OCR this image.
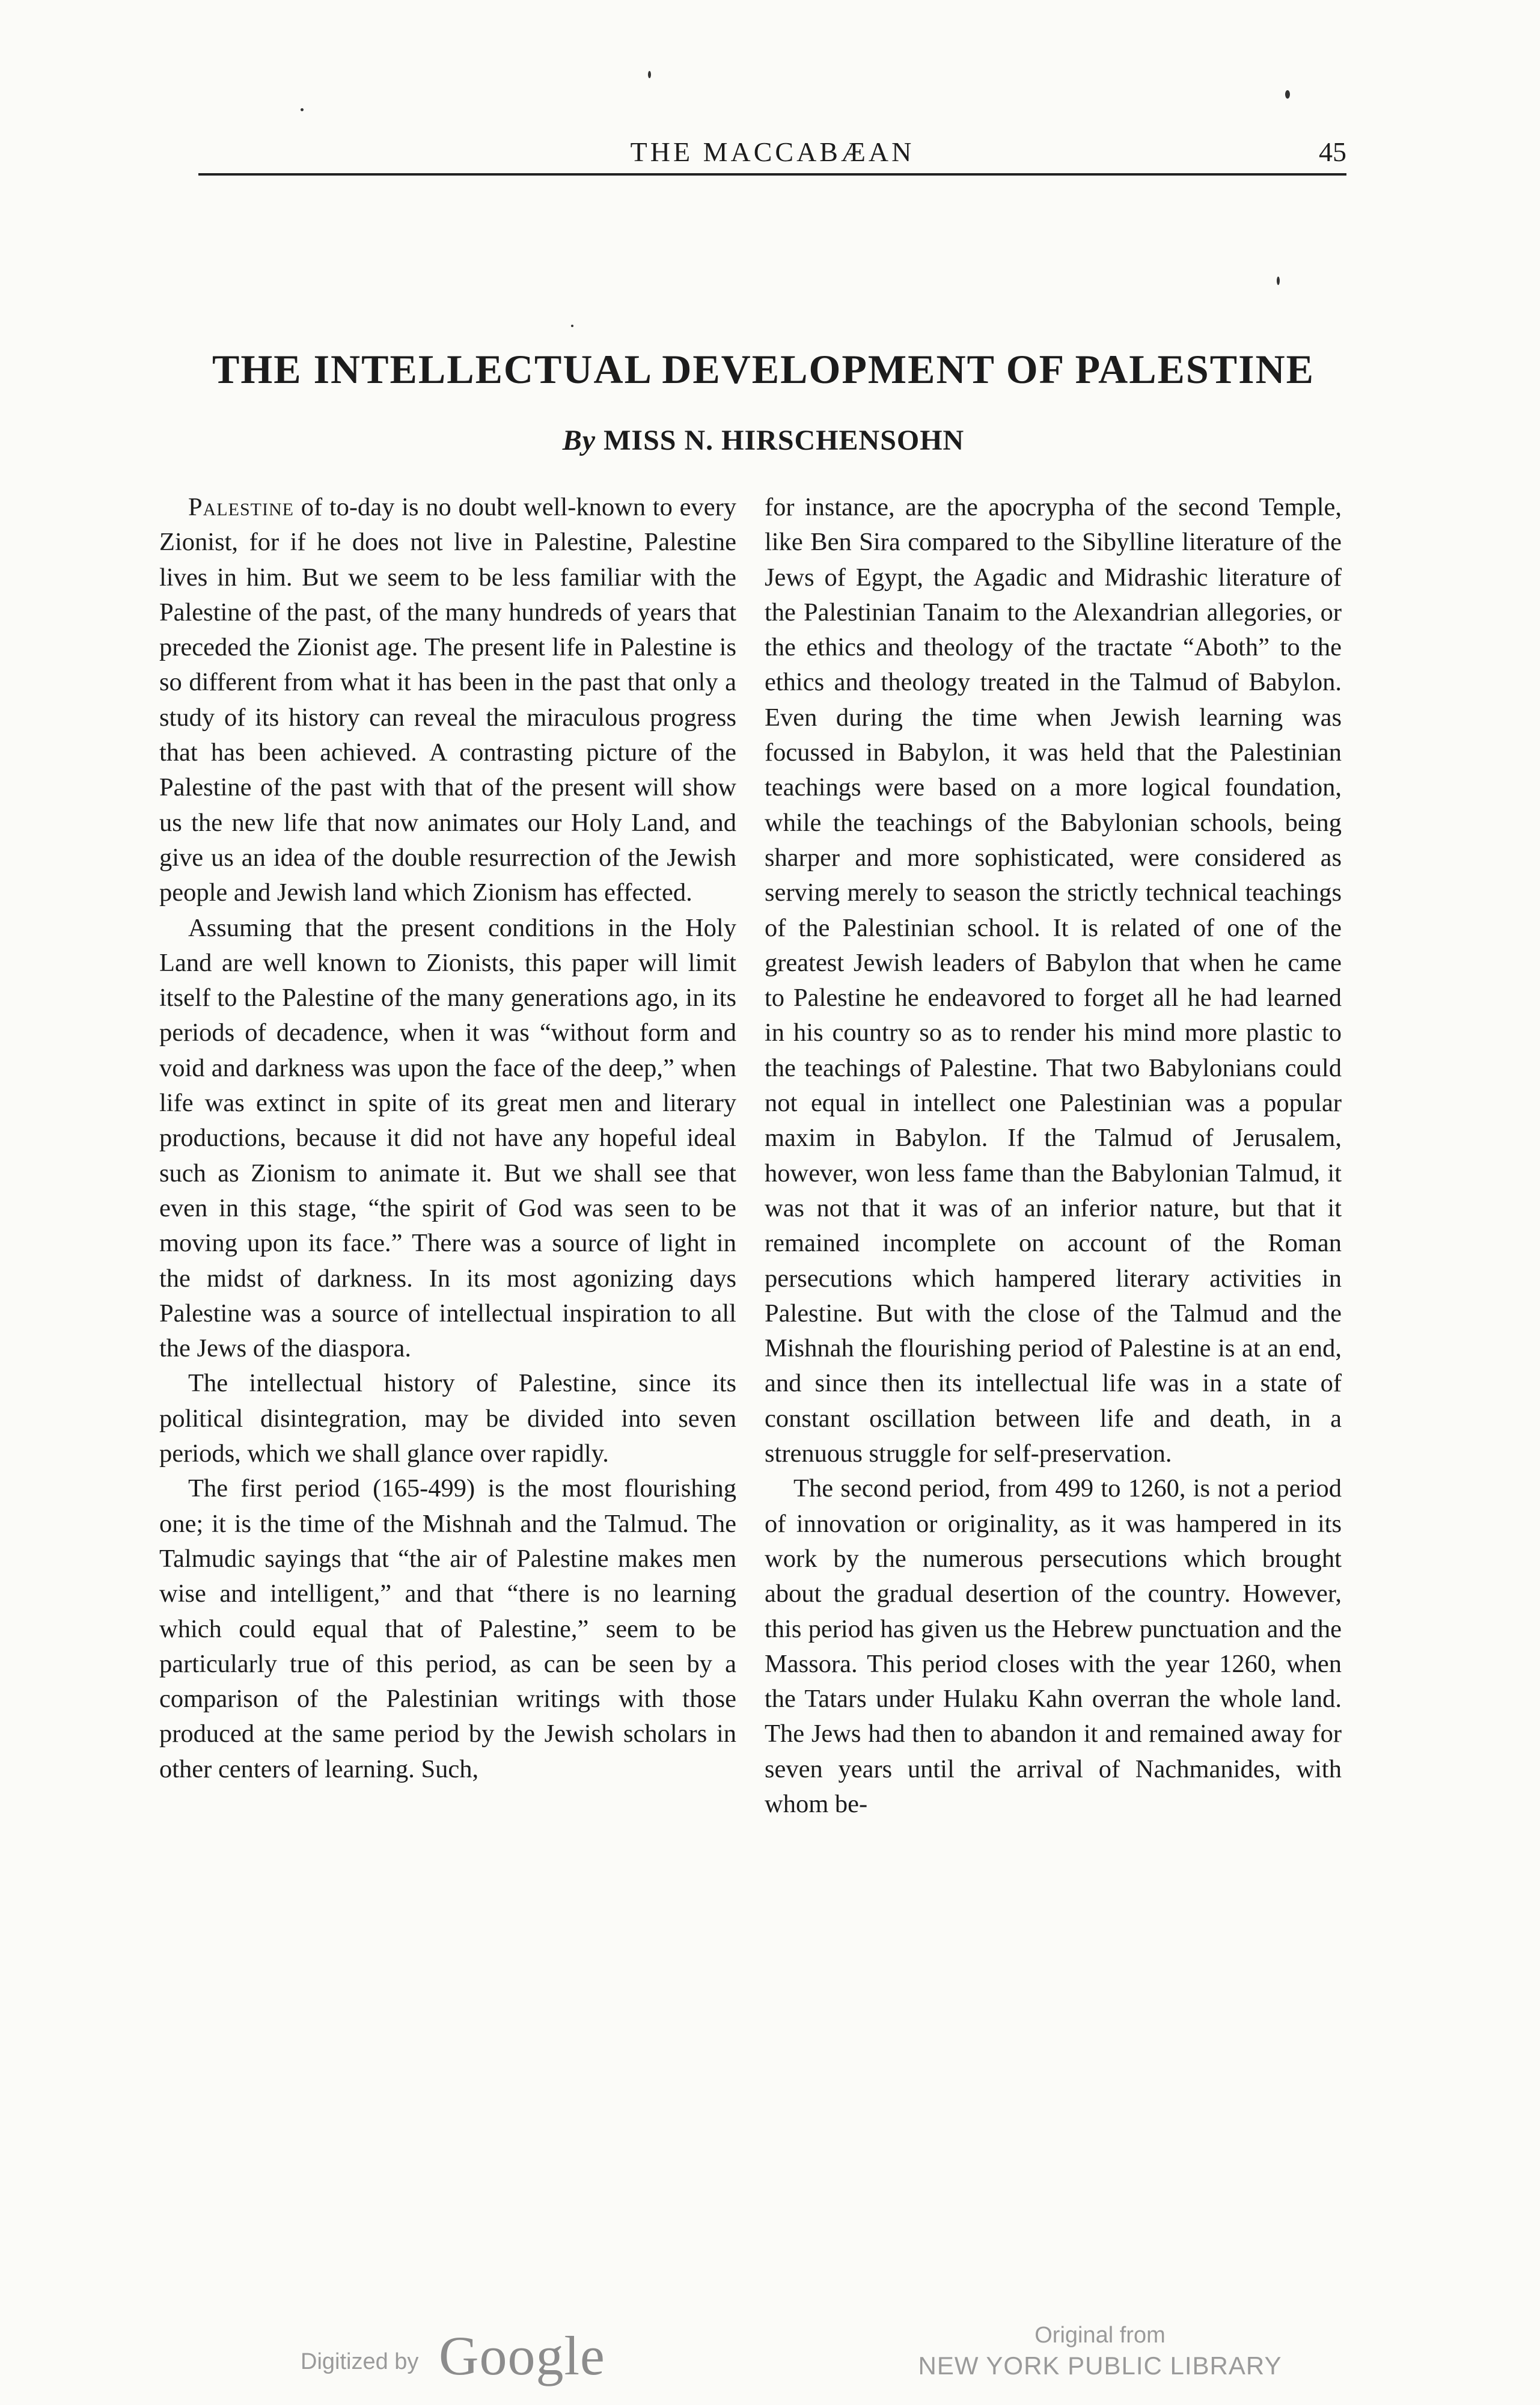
THE MACCABÆAN	45
THE INTELLECTUAL DEVELOPMENT OF PALESTINE
By MISS N. HIRSCHENSOHN

Palestine of to-day is no doubt well-known to every Zionist, for if he does not live in Palestine, Palestine lives in him. But we seem to be less familiar with the Palestine of the past, of the many hundreds of years that preceded the Zionist age. The present life in Palestine is so different from what it has been in the past that only a study of its history can reveal the miraculous progress that has been achieved. A contrasting picture of the Palestine of the past with that of the present will show us the new life that now animates our Holy Land, and give us an idea of the double resurrection of the Jewish people and Jewish land which Zionism has effected.

Assuming that the present conditions in the Holy Land are well known to Zionists, this paper will limit itself to the Palestine of the many generations ago, in its periods of decadence, when it was “without form and void and darkness was upon the face of the deep,” when life was extinct in spite of its great men and literary productions, because it did not have any hopeful ideal such as Zionism to animate it. But we shall see that even in this stage, “the spirit of God was seen to be moving upon its face.” There was a source of light in the midst of darkness. In its most agonizing days Palestine was a source of intellectual inspiration to all the Jews of the diaspora.

The intellectual history of Palestine, since its political disintegration, may be divided into seven periods, which we shall glance over rapidly.

The first period (165-499) is the most flourishing one; it is the time of the Mishnah and the Talmud. The Talmudic sayings that “the air of Palestine makes men wise and intelligent,” and that “there is no learning which could equal that of Palestine,” seem to be particularly true of this period, as can be seen by a comparison of the Palestinian writings with those produced at the same period by the Jewish scholars in other centers of learning. Such,

for instance, are the apocrypha of the second Temple, like Ben Sira compared to the Sibylline literature of the Jews of Egypt, the Agadic and Midrashic literature of the Palestinian Tanaim to the Alexandrian allegories, or the ethics and theology of the tractate “Aboth” to the ethics and theology treated in the Talmud of Babylon. Even during the time when Jewish learning was focussed in Babylon, it was held that the Palestinian teachings were based on a more logical foundation, while the teachings of the Babylonian schools, being sharper and more sophisticated, were considered as serving merely to season the strictly technical teachings of the Palestinian school. It is related of one of the greatest Jewish leaders of Babylon that when he came to Palestine he endeavored to forget all he had learned in his country so as to render his mind more plastic to the teachings of Palestine. That two Babylonians could not equal in intellect one Palestinian was a popular maxim in Babylon. If the Talmud of Jerusalem, however, won less fame than the Babylonian Talmud, it was not that it was of an inferior nature, but that it remained incomplete on account of the Roman persecutions which hampered literary activities in Palestine. But with the close of the Talmud and the Mishnah the flourishing period of Palestine is at an end, and since then its intellectual life was in a state of constant oscillation between life and death, in a strenuous struggle for self-preservation.

The second period, from 499 to 1260, is not a period of innovation or originality, as it was hampered in its work by the numerous persecutions which brought about the gradual desertion of the country. However, this period has given us the Hebrew punctuation and the Massora. This period closes with the year 1260, when the Tatars under Hulaku Kahn overran the whole land. The Jews had then to abandon it and remained away for seven years until the arrival of Nachmanides, with whom be-

Digitized by Google	Original from
NEW YORK PUBLIC LIBRARY
